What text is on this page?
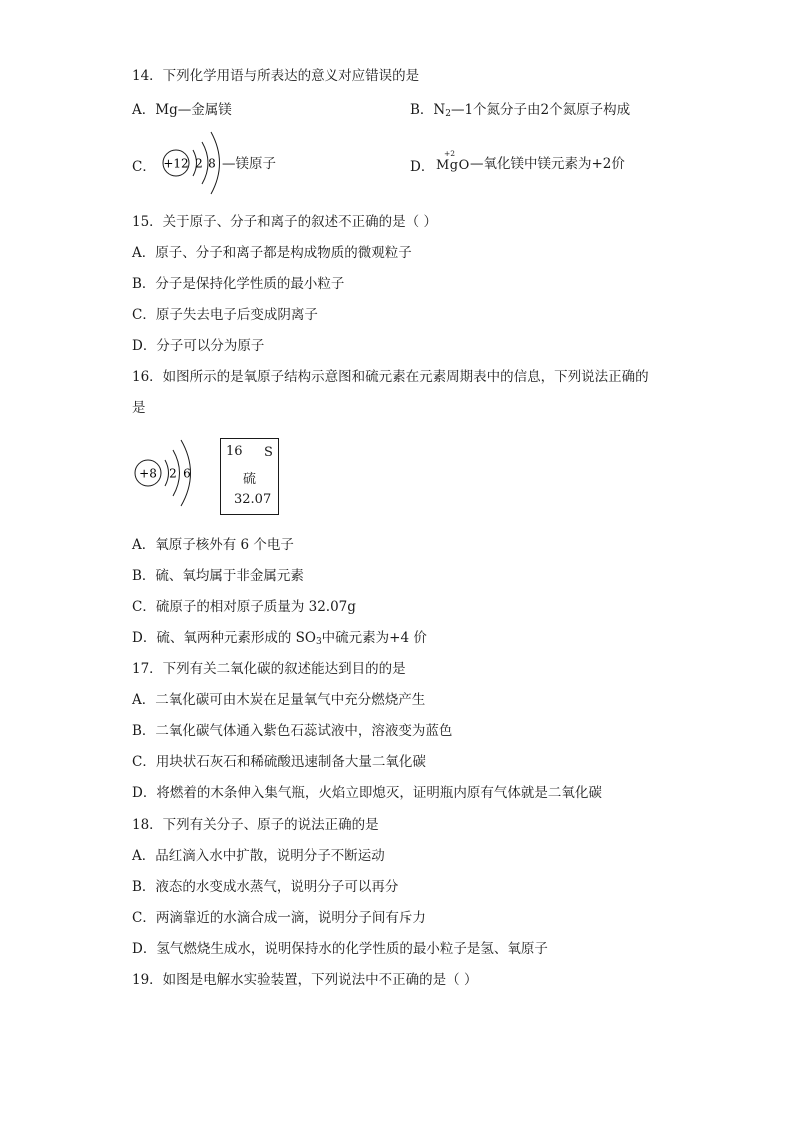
14．下列化学用语与所表达的意义对应错误的是
A．Mg—金属镁	B．$N_2—1$个氮分子由2个氮原子构成
C．	D．
+12 2 8 —镁原子
+2
MgO —氧化镁中镁元素为+2价
15．关于原子、分子和离子的叙述不正确的是（ ）
A．原子、分子和离子都是构成物质的微观粒子
B．分子是保持化学性质的最小粒子
C．原子失去电子后变成阴离子
D．分子可以分为原子
16．如图所示的是氧原子结构示意图和硫元素在元素周期表中的信息，下列说法正确的
是
+8 2 6
16 S
硫
32.07
A．氧原子核外有 6 个电子
B．硫、氧均属于非金属元素
C．硫原子的相对原子质量为 32.07g
D．硫、氧两种元素形成的 $SO_3$中硫元素为+4 价
17．下列有关二氧化碳的叙述能达到目的的是
A．二氧化碳可由木炭在足量氧气中充分燃烧产生
B．二氧化碳气体通入紫色石蕊试液中，溶液变为蓝色
C．用块状石灰石和稀硫酸迅速制备大量二氧化碳
D．将燃着的木条伸入集气瓶，火焰立即熄灭，证明瓶内原有气体就是二氧化碳
18．下列有关分子、原子的说法正确的是
A．品红滴入水中扩散，说明分子不断运动
B．液态的水变成水蒸气，说明分子可以再分
C．两滴靠近的水滴合成一滴，说明分子间有斥力
D．氢气燃烧生成水，说明保持水的化学性质的最小粒子是氢、氧原子
19．如图是电解水实验装置，下列说法中不正确的是（ ）
